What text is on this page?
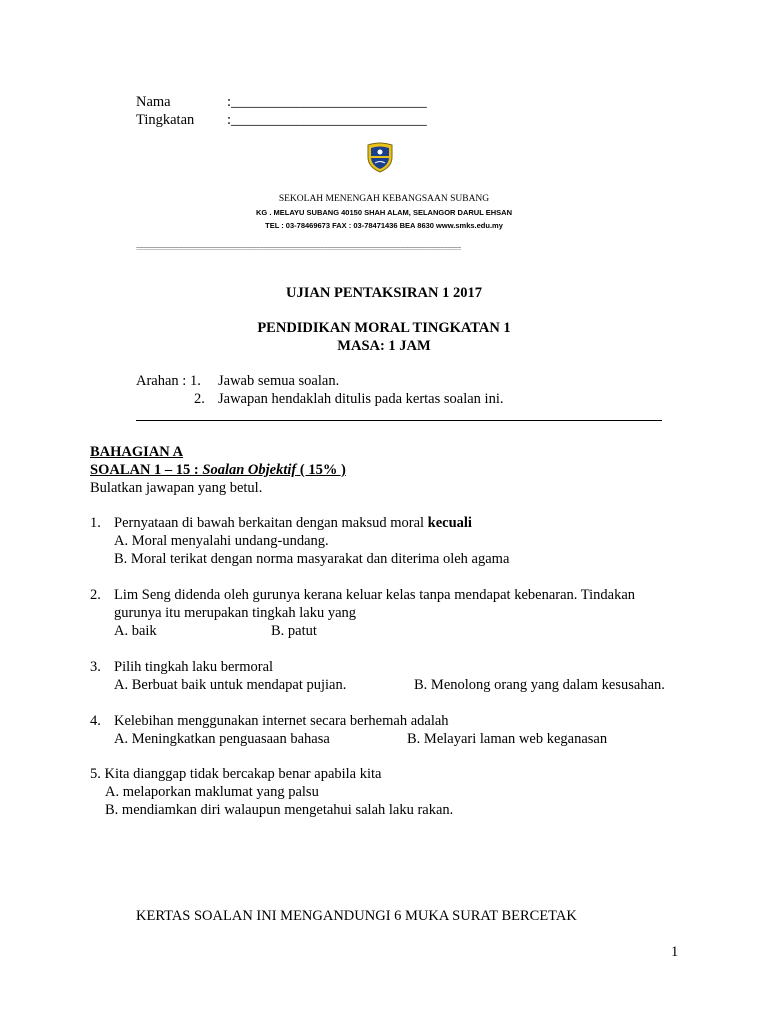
Nama	:___________________________
Tingkatan :___________________________
SEKOLAH MENENGAH KEBANGSAAN SUBANG
KG . MELAYU SUBANG 40150 SHAH ALAM, SELANGOR DARUL EHSAN
TEL : 03-78469673 FAX : 03-78471436 BEA 8630 www.smks.edu.my
=================================================================================================
UJIAN PENTAKSIRAN 1 2017
PENDIDIKAN MORAL TINGKATAN 1
MASA: 1 JAM
Arahan : 1. Jawab semua soalan.
2. Jawapan hendaklah ditulis pada kertas soalan ini.
BAHAGIAN A
SOALAN 1 – 15 : Soalan Objektif ( 15% )
Bulatkan jawapan yang betul.
1. Pernyataan di bawah berkaitan dengan maksud moral kecuali
A. Moral menyalahi undang-undang.
B. Moral terikat dengan norma masyarakat dan diterima oleh agama
2. Lim Seng didenda oleh gurunya kerana keluar kelas tanpa mendapat kebenaran. Tindakan
gurunya itu merupakan tingkah laku yang
A. baik	B. patut
3. Pilih tingkah laku bermoral
A. Berbuat baik untuk mendapat pujian.	B. Menolong orang yang dalam kesusahan.
4. Kelebihan menggunakan internet secara berhemah adalah
A. Meningkatkan penguasaan bahasa	B. Melayari laman web keganasan
5. Kita dianggap tidak bercakap benar apabila kita
A. melaporkan maklumat yang palsu
B. mendiamkan diri walaupun mengetahui salah laku rakan.
KERTAS SOALAN INI MENGANDUNGI 6 MUKA SURAT BERCETAK
1
